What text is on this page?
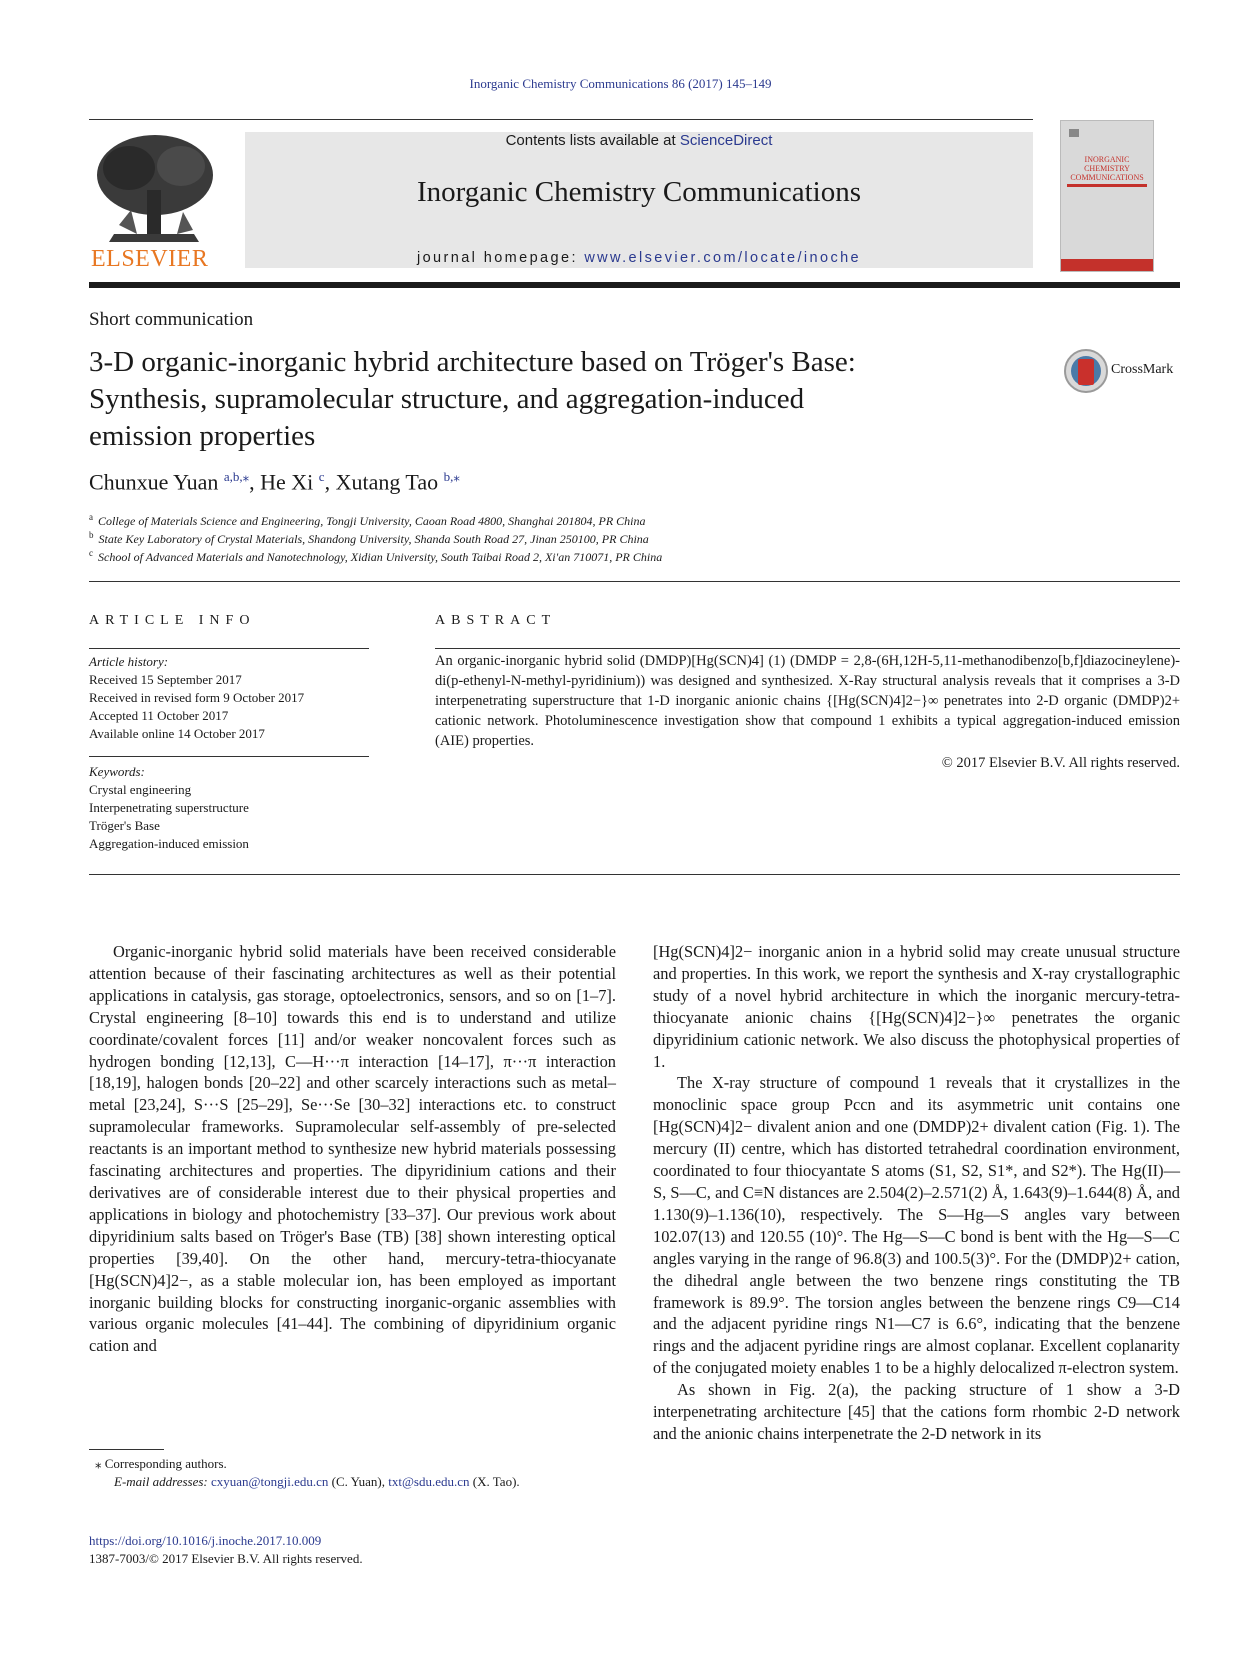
Inorganic Chemistry Communications 86 (2017) 145–149
ELSEVIER
Contents lists available at ScienceDirect
Inorganic Chemistry Communications
journal homepage: www.elsevier.com/locate/inoche
INORGANIC
CHEMISTRY
COMMUNICATIONS
Short communication
3-D organic-inorganic hybrid architecture based on Tröger's Base:
Synthesis, supramolecular structure, and aggregation-induced
emission properties
CrossMark
Chunxue Yuan $^{a,b,⁎}$, He Xi $^c$, Xutang Tao $^{b,⁎}$
$^a$ College of Materials Science and Engineering, Tongji University, Caoan Road 4800, Shanghai 201804, PR China
$^b$ State Key Laboratory of Crystal Materials, Shandong University, Shanda South Road 27, Jinan 250100, PR China
$^c$ School of Advanced Materials and Nanotechnology, Xidian University, South Taibai Road 2, Xi'an 710071, PR China
ARTICLE INFO
Article history:
Received 15 September 2017
Received in revised form 9 October 2017
Accepted 11 October 2017
Available online 14 October 2017
Keywords:
Crystal engineering
Interpenetrating superstructure
Tröger's Base
Aggregation-induced emission
ABSTRACT
An organic-inorganic hybrid solid (DMDP)[Hg(SCN)4] (1) (DMDP = 2,8-(6H,12H-5,11-methanodibenzo[b,f]diazocineylene)-di(p-ethenyl-N-methyl-pyridinium)) was designed and synthesized. X-Ray structural analysis reveals that it comprises a 3-D interpenetrating superstructure that 1-D inorganic anionic chains {[Hg(SCN)4]2−}∞ penetrates into 2-D organic (DMDP)2+ cationic network. Photoluminescence investigation show that compound 1 exhibits a typical aggregation-induced emission (AIE) properties.
© 2017 Elsevier B.V. All rights reserved.

Organic-inorganic hybrid solid materials have been received considerable attention because of their fascinating architectures as well as their potential applications in catalysis, gas storage, optoelectronics, sensors, and so on [1–7]. Crystal engineering [8–10] towards this end is to understand and utilize coordinate/covalent forces [11] and/or weaker noncovalent forces such as hydrogen bonding [12,13], C—H···π interaction [14–17], π···π interaction [18,19], halogen bonds [20–22] and other scarcely interactions such as metal–metal [23,24], S···S [25–29], Se···Se [30–32] interactions etc. to construct supramolecular frameworks. Supramolecular self-assembly of pre-selected reactants is an important method to synthesize new hybrid materials possessing fascinating architectures and properties. The dipyridinium cations and their derivatives are of considerable interest due to their physical properties and applications in biology and photochemistry [33–37]. Our previous work about dipyridinium salts based on Tröger's Base (TB) [38] shown interesting optical properties [39,40]. On the other hand, mercury-tetra-thiocyanate [Hg(SCN)4]2−, as a stable molecular ion, has been employed as important inorganic building blocks for constructing inorganic-organic assemblies with various organic molecules [41–44]. The combining of dipyridinium organic cation and

[Hg(SCN)4]2− inorganic anion in a hybrid solid may create unusual structure and properties. In this work, we report the synthesis and X-ray crystallographic study of a novel hybrid architecture in which the inorganic mercury-tetra-thiocyanate anionic chains {[Hg(SCN)4]2−}∞ penetrates the organic dipyridinium cationic network. We also discuss the photophysical properties of 1.

The X-ray structure of compound 1 reveals that it crystallizes in the monoclinic space group Pccn and its asymmetric unit contains one [Hg(SCN)4]2− divalent anion and one (DMDP)2+ divalent cation (Fig. 1). The mercury (II) centre, which has distorted tetrahedral coordination environment, coordinated to four thiocyantate S atoms (S1, S2, S1*, and S2*). The Hg(II)—S, S—C, and C≡N distances are 2.504(2)–2.571(2) Å, 1.643(9)–1.644(8) Å, and 1.130(9)–1.136(10), respectively. The S—Hg—S angles vary between 102.07(13) and 120.55 (10)°. The Hg—S—C bond is bent with the Hg—S—C angles varying in the range of 96.8(3) and 100.5(3)°. For the (DMDP)2+ cation, the dihedral angle between the two benzene rings constituting the TB framework is 89.9°. The torsion angles between the benzene rings C9—C14 and the adjacent pyridine rings N1—C7 is 6.6°, indicating that the benzene rings and the adjacent pyridine rings are almost coplanar. Excellent coplanarity of the conjugated moiety enables 1 to be a highly delocalized π-electron system.

As shown in Fig. 2(a), the packing structure of 1 show a 3-D interpenetrating architecture [45] that the cations form rhombic 2-D network and the anionic chains interpenetrate the 2-D network in its

⁎ Corresponding authors.
E-mail addresses: cxyuan@tongji.edu.cn (C. Yuan), txt@sdu.edu.cn (X. Tao).
https://doi.org/10.1016/j.inoche.2017.10.009
1387-7003/© 2017 Elsevier B.V. All rights reserved.
